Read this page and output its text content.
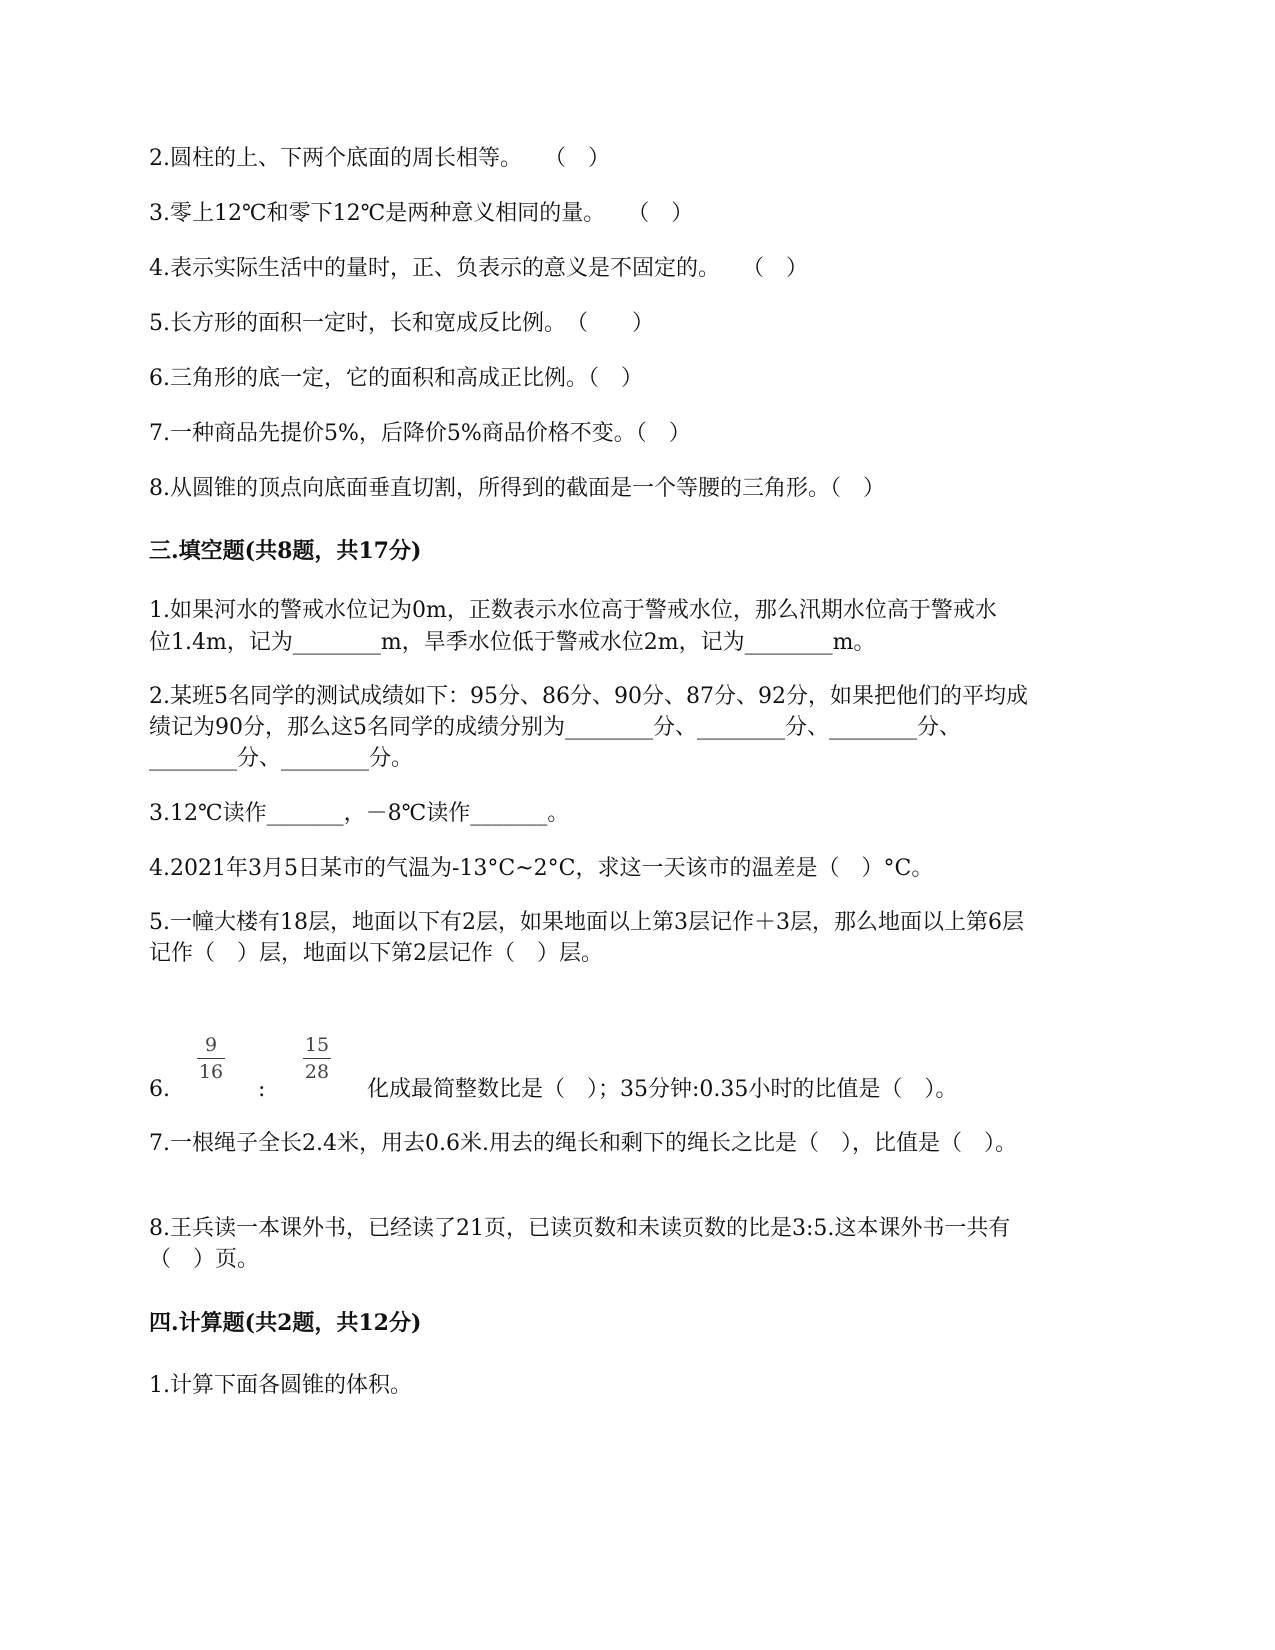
2.圆柱的上、下两个底面的周长相等。　　（　）
3.零上12℃和零下12℃是两种意义相同的量。　　（　）
4.表示实际生活中的量时，正、负表示的意义是不固定的。　　（　）
5.长方形的面积一定时，长和宽成反比例。　（　　）
6.三角形的底一定，它的面积和高成正比例。（　）
7.一种商品先提价5%，后降价5%商品价格不变。（　）
8.从圆锥的顶点向底面垂直切割，所得到的截面是一个等腰的三角形。（　）
三.填空题(共8题，共17分)
1.如果河水的警戒水位记为0m，正数表示水位高于警戒水位，那么汛期水位高于警戒水
位1.4m，记为________m，旱季水位低于警戒水位2m，记为________m。
2.某班5名同学的测试成绩如下：95分、86分、90分、87分、92分，如果把他们的平均成
绩记为90分，那么这5名同学的成绩分别为________分、________分、________分、
________分、________分。
3.12℃读作_______，－8℃读作_______。
4.2021年3月5日某市的气温为-13°C~2°C，求这一天该市的温差是（　）°C。
5.一幢大楼有18层，地面以下有2层，如果地面以上第3层记作＋3层，那么地面以上第6层
记作（　）层，地面以下第2层记作（　）层。
6.
9
16
:
15
28
化成最简整数比是（　）；35分钟:0.35小时的比值是（　）。
7.一根绳子全长2.4米，用去0.6米.用去的绳长和剩下的绳长之比是（　），比值是（　）。
8.王兵读一本课外书，已经读了21页，已读页数和未读页数的比是3:5.这本课外书一共有
（　）页。
四.计算题(共2题，共12分)
1.计算下面各圆锥的体积。
